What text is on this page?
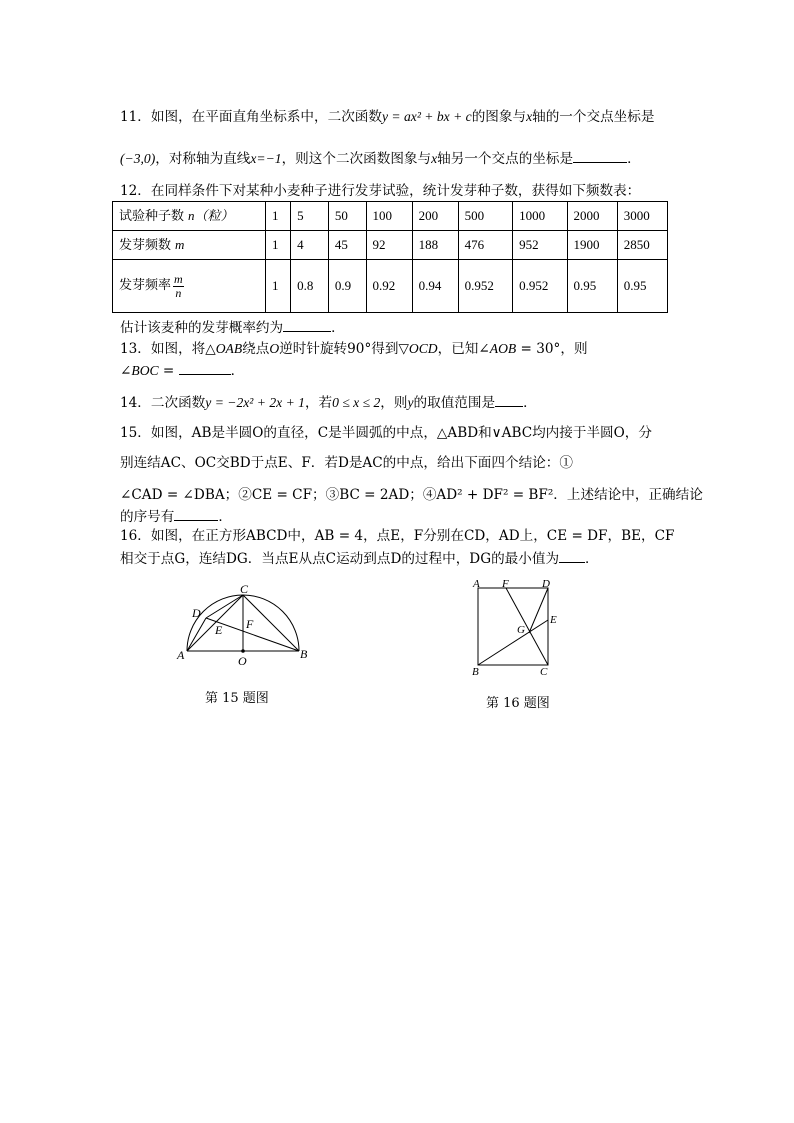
11．如图，在平面直角坐标系中，二次函数y = ax² + bx + c的图象与x轴的一个交点坐标是
(−3,0)，对称轴为直线x=−1，则这个二次函数图象与x轴另一个交点的坐标是	．
12．在同样条件下对某种小麦种子进行发芽试验，统计发芽种子数，获得如下频数表：
试验种子数 n（粒）	1	5	50	100	200	500	1000	2000	3000
发芽频数 m	1	4	45	92	188	476	952	1900	2850
发芽频率 $\frac{m}{n}$	1	0.8	0.9	0.92	0.94	0.952	0.952	0.95	0.95
估计该麦种的发芽概率约为	．
13．如图，将△OAB绕点O逆时针旋转90°得到▽OCD，已知∠AOB = 30°，则
∠BOC =	．
14．二次函数y = −2x² + 2x + 1，若0 ≤ x ≤ 2，则y的取值范围是 ．
15．如图，AB是半圆O的直径，C是半圆弧的中点，△ABD和∨ABC均内接于半圆O，分
别连结AC、OC交BD于点E、F．若D是AC的中点，给出下面四个结论：①
∠CAD = ∠DBA；②CE = CF；③BC = 2AD；④AD² + DF² = BF²．上述结论中，正确结论
的序号有	．
16．如图，在正方形ABCD中，AB = 4，点E，F分别在CD，AD上，CE = DF，BE，CF
相交于点G，连结DG．当点E从点C运动到点D的过程中，DG的最小值为 ．
C
D
E F
A	O	B
第 15 题图
A F	D
G
E
B	C
第 16 题图
